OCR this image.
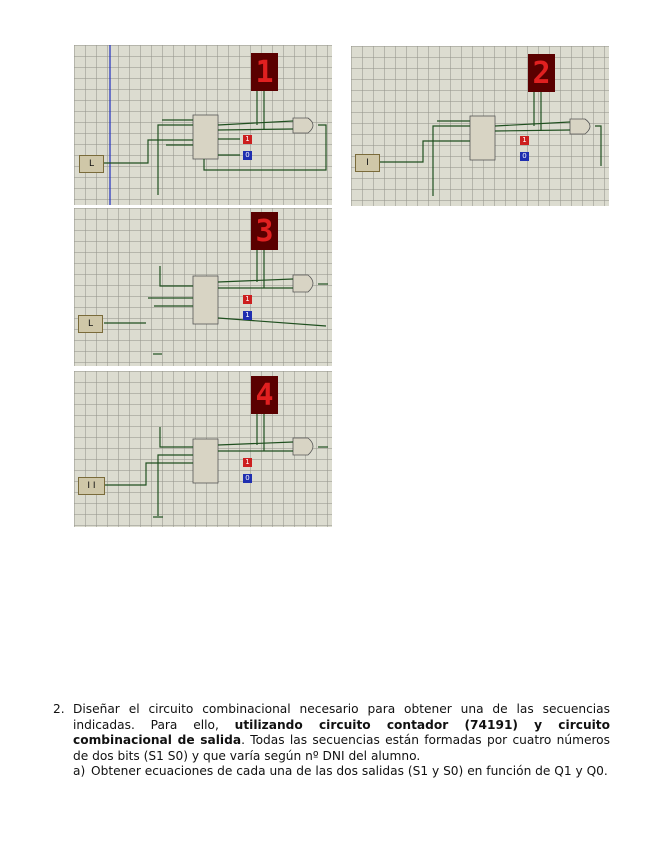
1
L
1
0
2
I
1
0
3
L
1
1
4
I I
1
0
2. Diseñar el circuito combinacional necesario para obtener una de las secuencias indicadas. Para ello, utilizando circuito contador (74191) y circuito combinacional de salida. Todas las secuencias están formadas por cuatro números de dos bits (S1 S0) y que varía según nº DNI del alumno.
a) Obtener ecuaciones de cada una de las dos salidas (S1 y S0) en función de Q1 y Q0.
